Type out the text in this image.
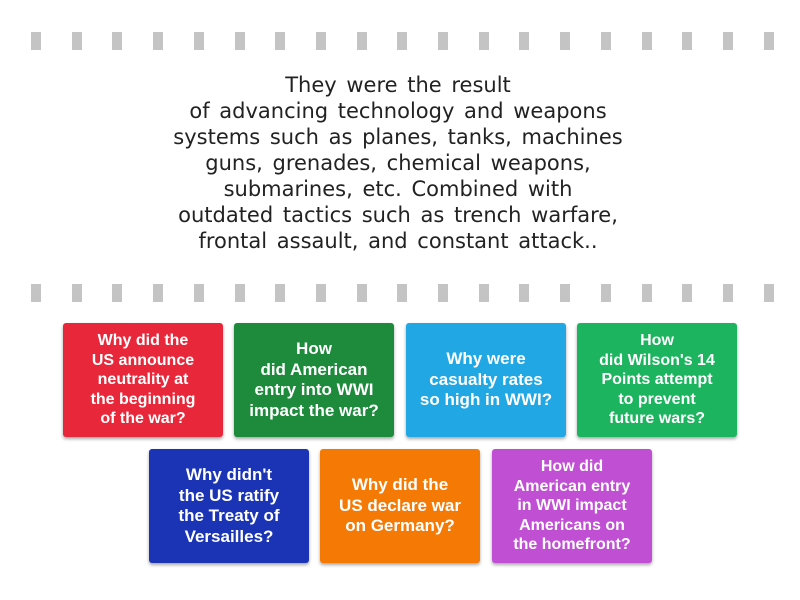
They were the result
of advancing technology and weapons
systems such as planes, tanks, machines
guns, grenades, chemical weapons,
submarines, etc. Combined with
outdated tactics such as trench warfare,
frontal assault, and constant attack..
Why did the
US announce
neutrality at
the beginning
of the war?
How
did American
entry into WWI
impact the war?
Why were
casualty rates
so high in WWI?
How
did Wilson's 14
Points attempt
to prevent
future wars?
Why didn't
the US ratify
the Treaty of
Versailles?
Why did the
US declare war
on Germany?
How did
American entry
in WWI impact
Americans on
the homefront?
